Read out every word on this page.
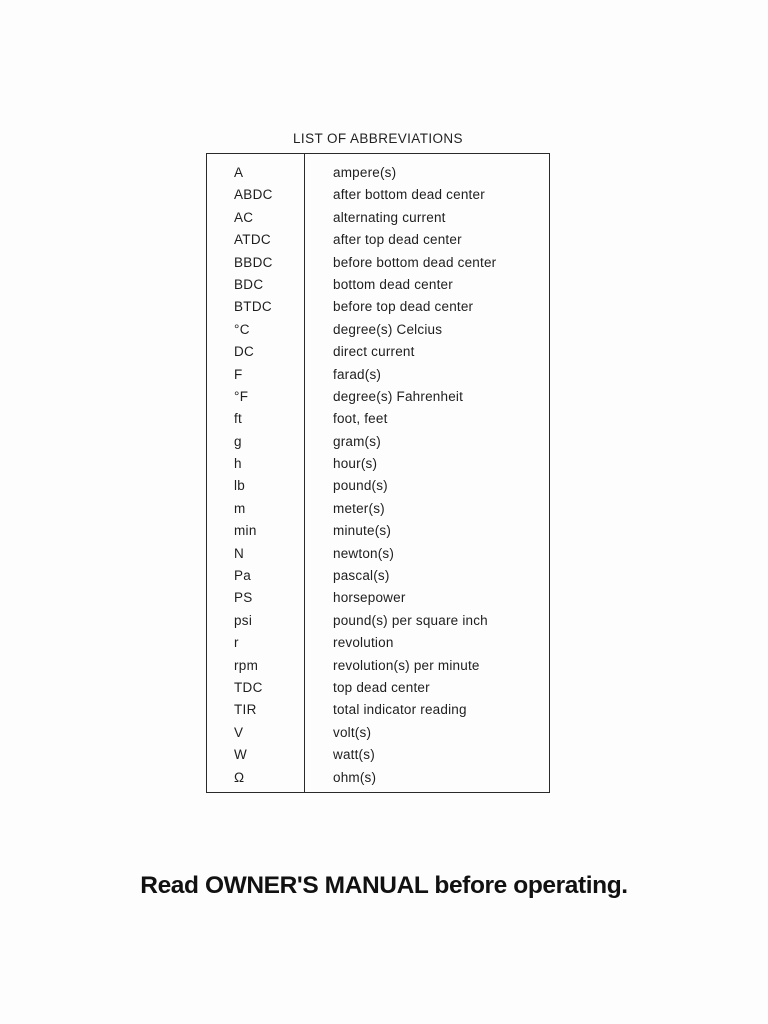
LIST OF ABBREVIATIONS
A	ampere(s)
ABDC	after bottom dead center
AC	alternating current
ATDC	after top dead center
BBDC	before bottom dead center
BDC	bottom dead center
BTDC	before top dead center
°C	degree(s) Celcius
DC	direct current
F	farad(s)
°F	degree(s) Fahrenheit
ft	foot, feet
g	gram(s)
h	hour(s)
lb	pound(s)
m	meter(s)
min	minute(s)
N	newton(s)
Pa	pascal(s)
PS	horsepower
psi	pound(s) per square inch
r	revolution
rpm	revolution(s) per minute
TDC	top dead center
TIR	total indicator reading
V	volt(s)
W	watt(s)
Ω	ohm(s)
Read OWNER'S MANUAL before operating.
